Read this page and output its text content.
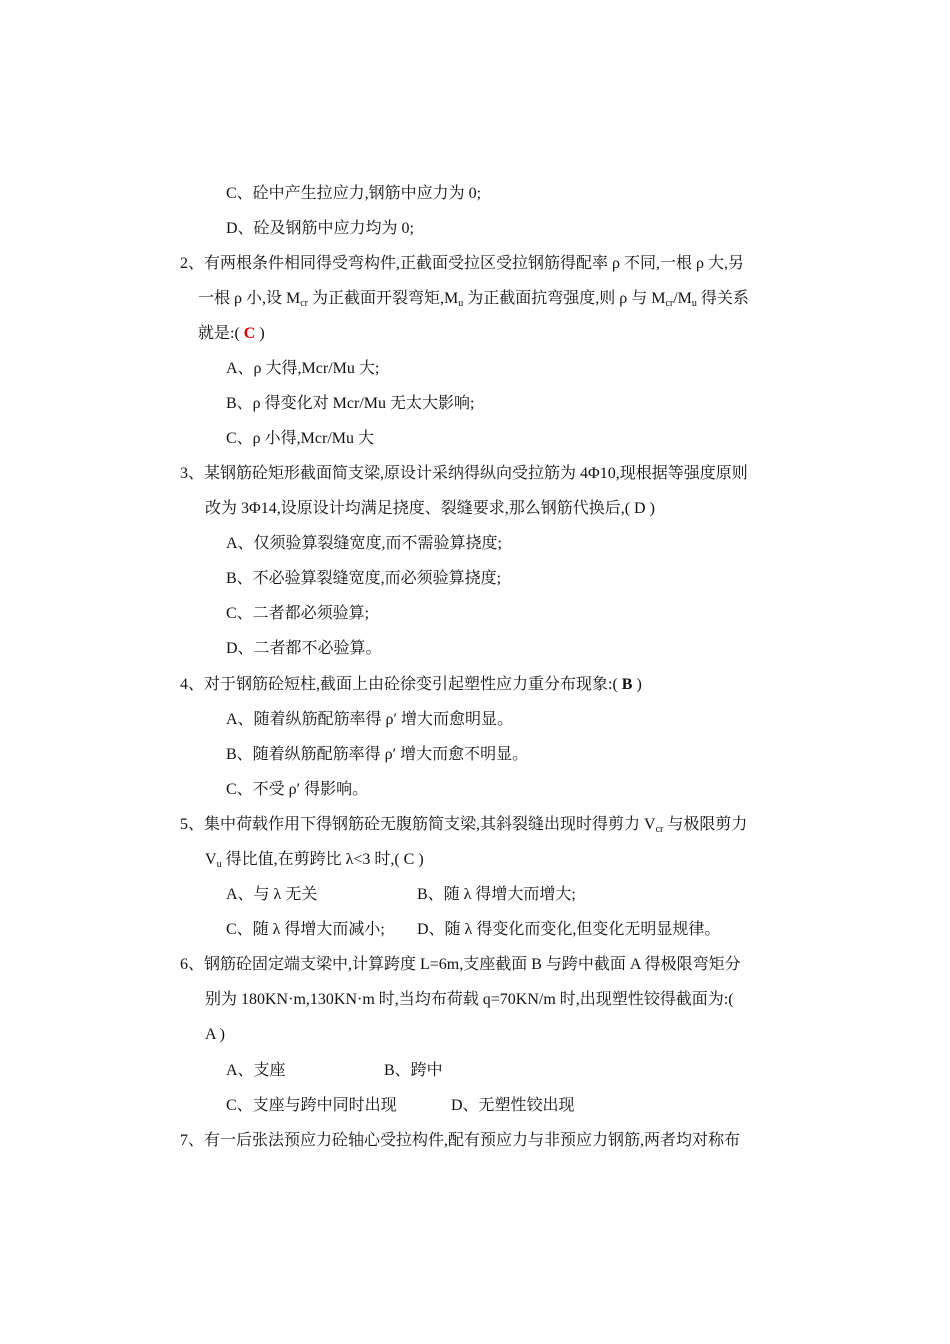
C、砼中产生拉应力,钢筋中应力为 0;
D、砼及钢筋中应力均为 0;
2、有两根条件相同得受弯构件,正截面受拉区受拉钢筋得配率 ρ 不同,一根 ρ 大,另
一根 ρ 小,设 $M_{cr}$ 为正截面开裂弯矩$,M_u$ 为正截面抗弯强度,则 ρ 与 $M_{cr}/M_u$ 得关系
就是:( C )
A、ρ 大得,Mcr/Mu 大;
B、ρ 得变化对 Mcr/Mu 无太大影响;
C、ρ 小得,Mcr/Mu 大
3、某钢筋砼矩形截面简支梁,原设计采纳得纵向受拉筋为 4Φ10,现根据等强度原则
改为 3Φ14,设原设计均满足挠度、裂缝要求,那么钢筋代换后,( D )
A、仅须验算裂缝宽度,而不需验算挠度;
B、不必验算裂缝宽度,而必须验算挠度;
C、二者都必须验算;
D、二者都不必验算。
4、对于钢筋砼短柱,截面上由砼徐变引起塑性应力重分布现象:( B )
A、随着纵筋配筋率得 ρ′ 增大而愈明显。
B、随着纵筋配筋率得 ρ′ 增大而愈不明显。
C、不受 ρ′ 得影响。
5、集中荷载作用下得钢筋砼无腹筋简支梁,其斜裂缝出现时得剪力 $V_{cr}$ 与极限剪力
$V_u$ 得比值,在剪跨比 λ<3 时,( C )
A、与 λ 无关	B、随 λ 得增大而增大;
C、随 λ 得增大而减小; D、随 λ 得变化而变化,但变化无明显规律。
6、钢筋砼固定端支梁中,计算跨度 L=6m,支座截面 B 与跨中截面 A 得极限弯矩分
别为 180KN·m,130KN·m 时,当均布荷载 q=70KN/m 时,出现塑性铰得截面为:(
A )
A、支座	B、跨中
C、支座与跨中同时出现	D、无塑性铰出现
7、有一后张法预应力砼轴心受拉构件,配有预应力与非预应力钢筋,两者均对称布
